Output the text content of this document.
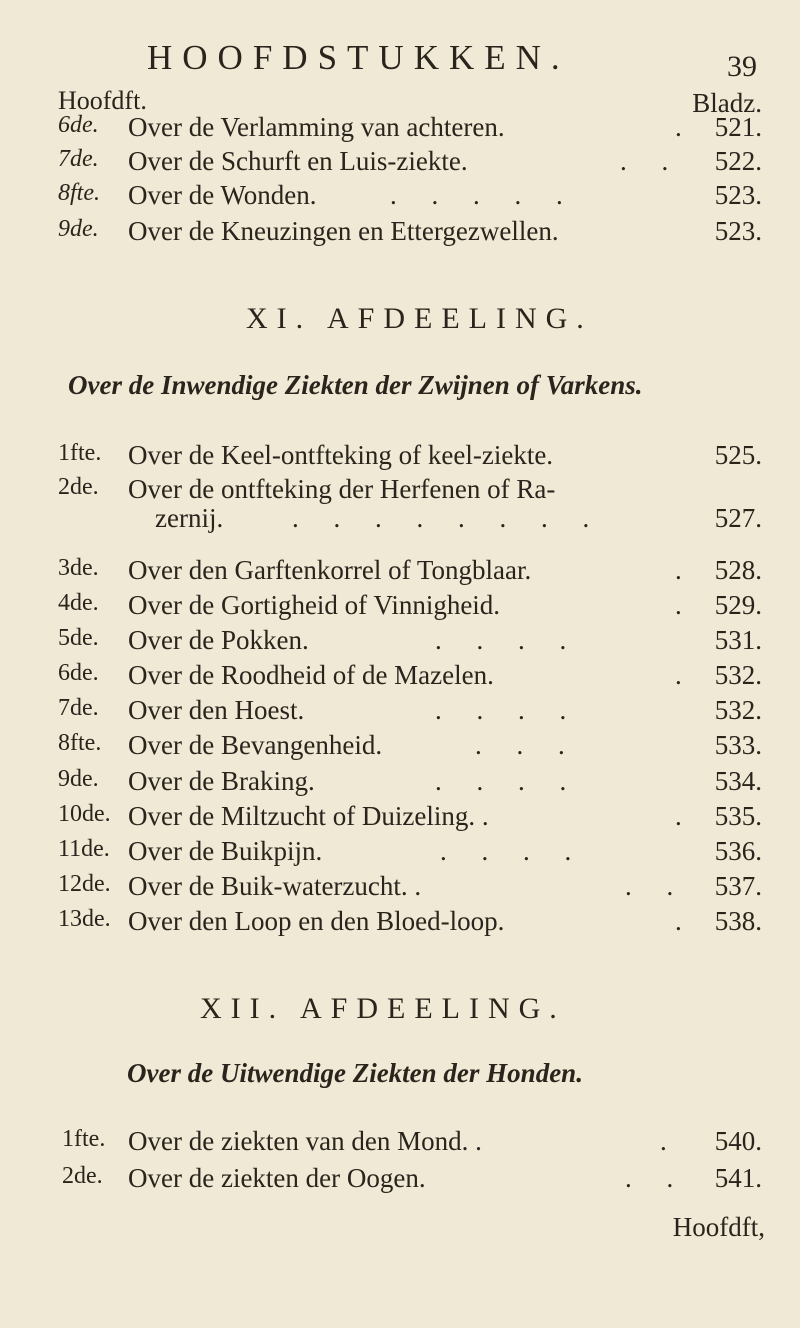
HOOFDSTUKKEN.	39
Hoofdft.	Bladz.
6de. Over de Verlamming van achteren.	. 521.
7de. Over de Schurft en Luis-ziekte.	. . 522.
8fte. Over de Wonden.	. . . . .	523.
9de. Over de Kneuzingen en Ettergezwellen.	523.
XI. AFDEELING.
Over de Inwendige Ziekten der Zwijnen of Varkens.
1fte. Over de Keel-ontfteking of keel-ziekte.	525.
2de. Over de ontfteking der Herfenen of Ra-
zernij.	. . . . . . . .	527.
3de. Over den Garftenkorrel of Tongblaar.	. 528.
4de. Over de Gortigheid of Vinnigheid.	. 529.
5de. Over de Pokken.	. . . .	531.
6de. Over de Roodheid of de Mazelen.	. 532.
7de. Over den Hoest.	. . . .	532.
8fte. Over de Bevangenheid.	. . .	533.
9de. Over de Braking.	. . . .	534.
10de. Over de Miltzucht of Duizeling. .	. 535.
11de. Over de Buikpijn.	. . . .	536.
12de. Over de Buik-waterzucht. .	. . 537.
13de. Over den Loop en den Bloed-loop.	. 538.
XII. AFDEELING.
Over de Uitwendige Ziekten der Honden.
1fte. Over de ziekten van den Mond. .	. 540.
2de. Over de ziekten der Oogen.	. . 541.
Hoofdft,
